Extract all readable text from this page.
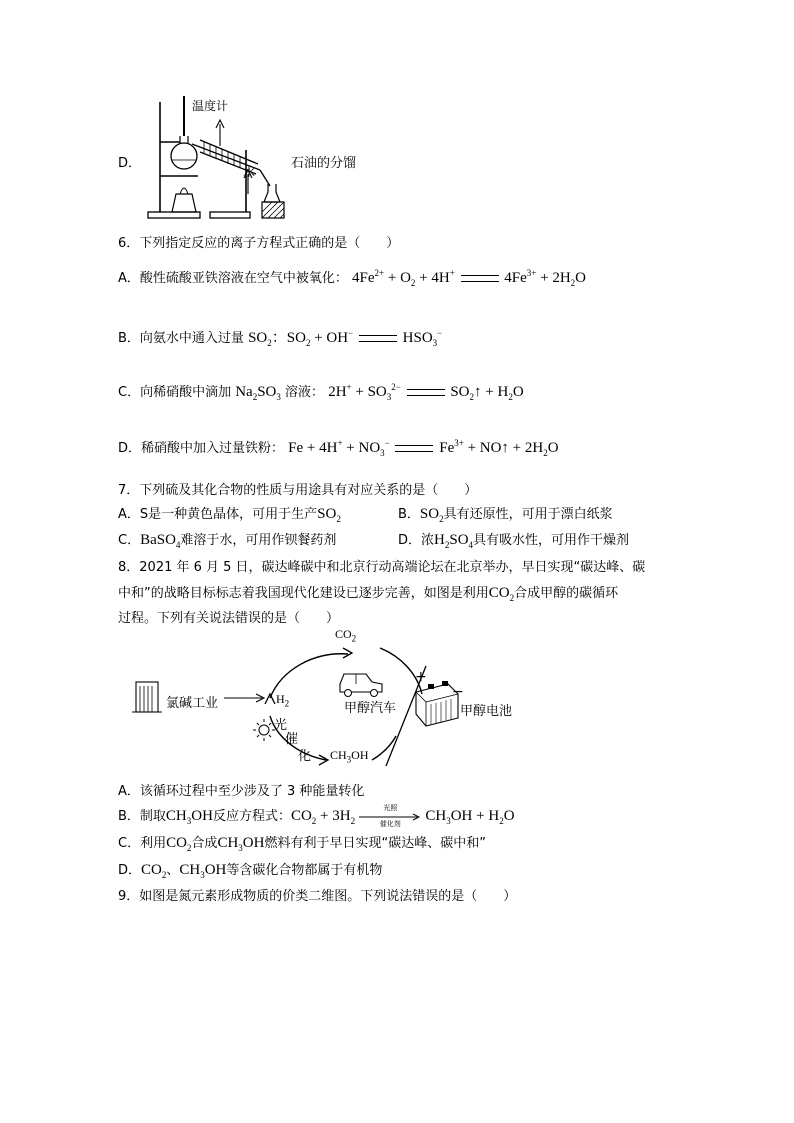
D．
温度计
水
石油的分馏
6．下列指定反应的离子方程式正确的是（　　）
A．酸性硫酸亚铁溶液在空气中被氧化： $4Fe^{2+} + O_2 + 4H^+$	$4Fe^{3+} + 2H_2O$
B．向氨水中通入过量 $SO_2$：$SO_2 + OH^-$	$HSO_3^-$
C．向稀硝酸中滴加 $Na_2SO_3$ 溶液： $2H^+ + SO_3^{2-}$	$SO_2↑ + H_2O$
D．稀硝酸中加入过量铁粉： $Fe + 4H^+ + NO_3^-$	$Fe^{3+}$ + NO↑ + $2H_2O$
7．下列硫及其化合物的性质与用途具有对应关系的是（　　）
A．S是一种黄色晶体，可用于生产$SO_2$	B．$SO_2$具有还原性，可用于漂白纸浆
C．BaSO$_4$难溶于水，可用作钡餐药剂	D．浓$H_2SO_4$具有吸水性，可用作干燥剂
8．2021 年 6 月 5 日，碳达峰碳中和北京行动高端论坛在北京举办，早日实现“碳达峰、碳
中和”的战略目标标志着我国现代化建设已逐步完善，如图是利用$CO_2$合成甲醇的碳循环
过程。下列有关说法错误的是（　　）
$CO_2$
$H_2$
$CH_3OH$
氯碱工业	甲醇汽车	甲醇电池
+
−
光
催
化
A．该循环过程中至少涉及了 3 种能量转化
B．制取$CH_3OH$反应方程式：$CO_2 + 3H_2$
光照
催化剂	$CH_3OH + H_2O$
C．利用$CO_2$合成$CH_3OH$燃料有利于早日实现“碳达峰、碳中和”
D．$CO_2$、$CH_3OH$等含碳化合物都属于有机物
9．如图是氮元素形成物质的价类二维图。下列说法错误的是（　　）
